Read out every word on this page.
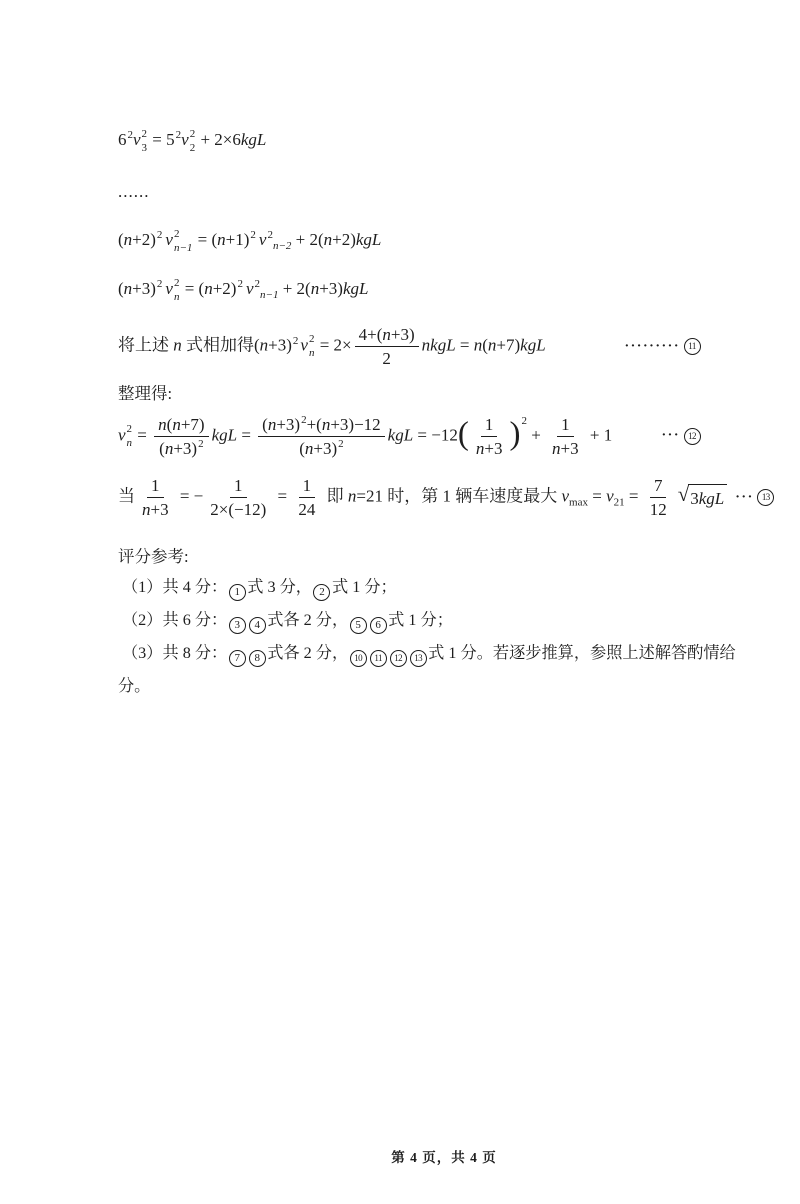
$6^2v$ 2
$3 = 5^2v$ 2
2 + 2×6kgL
......
$(n+2)^2$ v 2
$n-1 = (n+1)^2$ $v^2_{n-2} + 2(n+2)kgL$
$(n+3)^2$ v 2
$n = (n+2)^2$ $v^2_{n-1} + 2(n+3)kgL$
将上述 n 式相加得$(n+3)^2$ v 2
$n = 2\times \frac{4+(n+3)}{2}$ nkgL = n(n+7)kgL	········· 11
整理得:
v 2
$n = \frac{n(n+7)}{(n+3)^2}$ kgL = $\frac{(n+3)^2+(n+3)-12}{(n+3)^2}$ kgL = $-12( \frac{1}{n+3} )^2 + \frac{1}{n+3} + 1$	··· 12
当 $\frac{1}{n+3}$ = − $\frac{1}{2\times(-12)} = \frac{1}{24}$ 即 n=21 时，第 1 辆车速度最大 $v_{max} = v_{21} = \frac{7}{12}$ √ 3kgL ··· 13
评分参考:
（1）共 4 分： 1 式 3 分， 2 式 1 分；
（2）共 6 分： 3 4 式各 2 分， 5 6 式 1 分；
（3）共 8 分： 7 8 式各 2 分， 10 11 12 13 式 1 分。若逐步推算，参照上述解答酌情给
分。
第 4 页，共 4 页
